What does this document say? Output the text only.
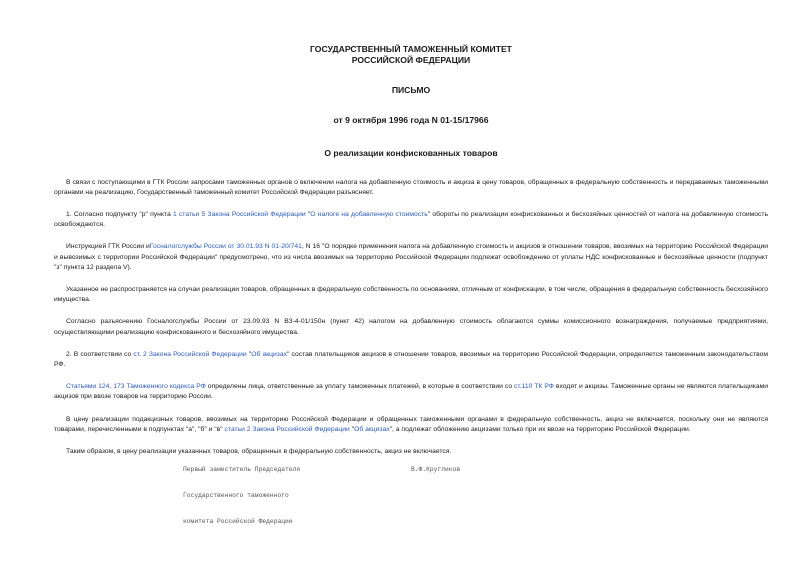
ГОСУДАРСТВЕННЫЙ ТАМОЖЕННЫЙ КОМИТЕТ
РОССИЙСКОЙ ФЕДЕРАЦИИ
ПИСЬМО
от 9 октября 1996 года N 01-15/17966
О реализации конфискованных товаров

В связи с поступающими в ГТК России запросами таможенных органов о включении налога на добавленную стоимость и акциза в цену товаров, обращенных в федеральную собственность и передаваемых таможенными органами на реализацию, Государственный таможенный комитет Российской Федерации разъясняет.

1. Согласно подпункту "р" пункта 1 статьи 5 Закона Российской Федерации "О налоге на добавленную стоимость" обороты по реализации конфискованных и бесхозяйных ценностей от налога на добавленную стоимость освобождаются.

Инструкцией ГТК России иГосналогслужбы России от 30.01.93 N 01-20/741, N 16 "О порядке применения налога на добавленную стоимость и акцизов в отношении товаров, ввозимых на территорию Российской Федерации и вывозимых с территории Российской Федерации" предусмотрено, что из числа ввозимых на территорию Российской Федерации подлежат освобождению от уплаты НДС конфискованные и бесхозяйные ценности (подпункт "з" пункта 12 раздела V).

Указанное не распространяется на случаи реализации товаров, обращенных в федеральную собственность по основаниям, отличным от конфискации, в том числе, обращения в федеральную собственность бесхозяйного имущества.

Согласно разъяснению Госналогслужбы России от 23.09.93 N ВЗ-4-01/150н (пункт 42) налогом на добавленную стоимость облагаются суммы комиссионного вознаграждения, получаемые предприятиями, осуществляющими реализацию конфискованного и бесхозяйного имущества.

2. В соответствии со ст. 2 Закона Российской Федерации "Об акцизах" состав плательщиков акцизов в отношении товаров, ввозимых на территорию Российской Федерации, определяется таможенным законодательством РФ.

Статьями 124, 173 Таможенного кодекса РФ определены лица, ответственные за уплату таможенных платежей, в которые в соответствии со ст.110 ТК РФ входят и акцизы. Таможенные органы не являются плательщиками акцизов при ввозе товаров на территорию России.

В цену реализации подакцизных товаров, ввозимых на территорию Российской Федерации и обращенных таможенными органами в федеральную собственность, акциз не включается, поскольку они не являются товарами, перечисленными в подпунктах "а", "б" и "в" статьи 2 Закона Российской Федерации "Об акцизах", а подлежат обложению акцизами только при их ввозе на территорию Российской Федерации.

Таким образом, в цену реализации указанных товаров, обращенных в федеральную собственность, акциз не включается.

Первый заместитель Председателя

Государственного таможенного

комитета Российской Федерации

В.Ф.Кругликов
